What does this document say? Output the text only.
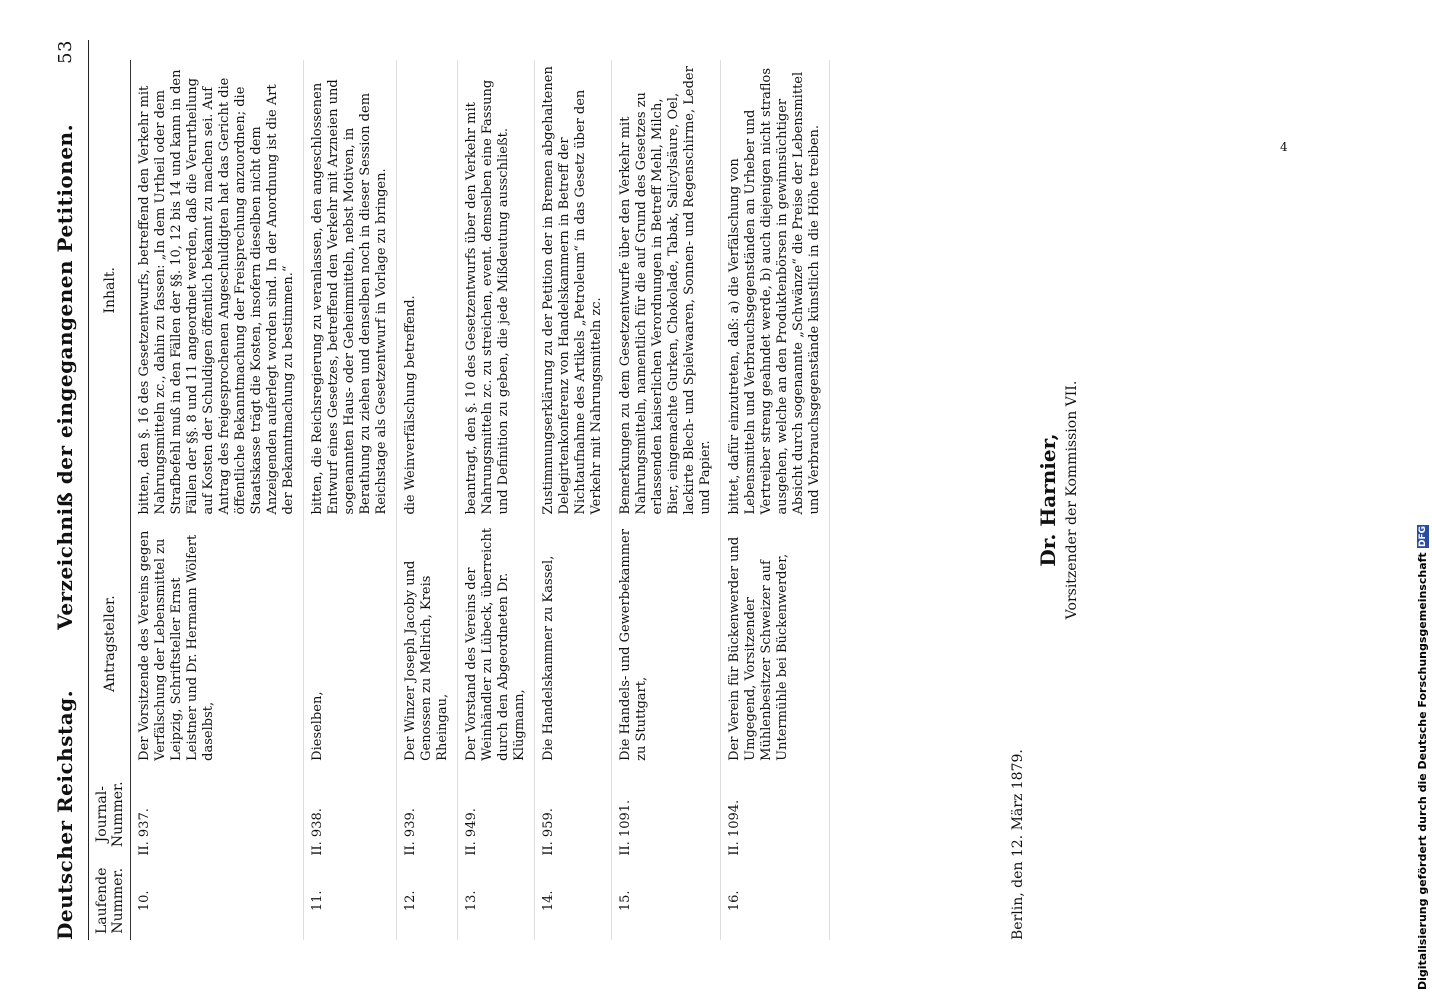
Deutscher Reichstag.
Verzeichniß der eingegangenen Petitionen.
53
Laufende Nummer.	Journal-Nummer.	Antragsteller.	Inhalt.
10.	II. 937.	Der Vorsitzende des Vereins gegen Verfälschung der Lebensmittel zu Leipzig, Schriftsteller Ernst Leistner und Dr. Hermann Wölfert daselbst,	bitten, den §. 16 des Gesetzentwurfs, betreffend den Verkehr mit Nahrungsmitteln zc., dahin zu fassen: „In dem Urtheil oder dem Strafbefehl muß in den Fällen der §§. 10, 12 bis 14 und kann in den Fällen der §§. 8 und 11 angeordnet werden, daß die Verurtheilung auf Kosten der Schuldigen öffentlich bekannt zu machen sei. Auf Antrag des freigesprochenen Angeschuldigten hat das Gericht die öffentliche Bekanntmachung der Freisprechung anzuordnen; die Staatskasse trägt die Kosten, insofern dieselben nicht dem Anzeigenden auferlegt worden sind. In der Anordnung ist die Art der Bekanntmachung zu bestimmen.“
11.	II. 938.	Dieselben,	bitten, die Reichsregierung zu veranlassen, den angeschlossenen Entwurf eines Gesetzes, betreffend den Verkehr mit Arzneien und sogenannten Haus- oder Geheimmitteln, nebst Motiven, in Berathung zu ziehen und denselben noch in dieser Session dem Reichstage als Gesetzentwurf in Vorlage zu bringen.
12.	II. 939.	Der Winzer Joseph Jacoby und Genossen zu Mellrich, Kreis Rheingau,	die Weinverfälschung betreffend.
13.	II. 949.	Der Vorstand des Vereins der Weinhändler zu Lübeck, überreicht durch den Abgeordneten Dr. Klügmann,	beantragt, den §. 10 des Gesetzentwurfs über den Verkehr mit Nahrungsmitteln zc. zu streichen, event. demselben eine Fassung und Definition zu geben, die jede Mißdeutung ausschließt.
14.	II. 959.	Die Handelskammer zu Kassel,	Zustimmungserklärung zu der Petition der in Bremen abgehaltenen Delegirtenkonferenz von Handelskammern in Betreff der Nichtaufnahme des Artikels „Petroleum“ in das Gesetz über den Verkehr mit Nahrungsmitteln zc.
15.	II. 1091.	Die Handels- und Gewerbekammer zu Stuttgart,	Bemerkungen zu dem Gesetzentwurfe über den Verkehr mit Nahrungsmitteln, namentlich für die auf Grund des Gesetzes zu erlassenden kaiserlichen Verordnungen in Betreff Mehl, Milch, Bier, eingemachte Gurken, Chokolade, Tabak, Salicylsäure, Oel, lackirte Blech- und Spielwaaren, Sonnen- und Regenschirme, Leder und Papier.
16.	II. 1094.	Der Verein für Bückenwerder und Umgegend, Vorsitzender Mühlenbesitzer Schweizer auf Untermühle bei Bückenwerder,	bittet, dafür einzutreten, daß: a) die Verfälschung von Lebensmitteln und Verbrauchsgegenständen an Urheber und Vertreiber streng geahndet werde, b) auch diejenigen nicht straflos ausgehen, welche an den Produktenbörsen in gewinnsüchtiger Absicht durch sogenannte „Schwänze“ die Preise der Lebensmittel und Verbrauchsgegenstände künstlich in die Höhe treiben.
Berlin, den 12. März 1879.
Dr. Harnier, Vorsitzender der Kommission VII.
4
Digitalisierung gefördert durch die Deutsche Forschungsgemeinschaft DFG
